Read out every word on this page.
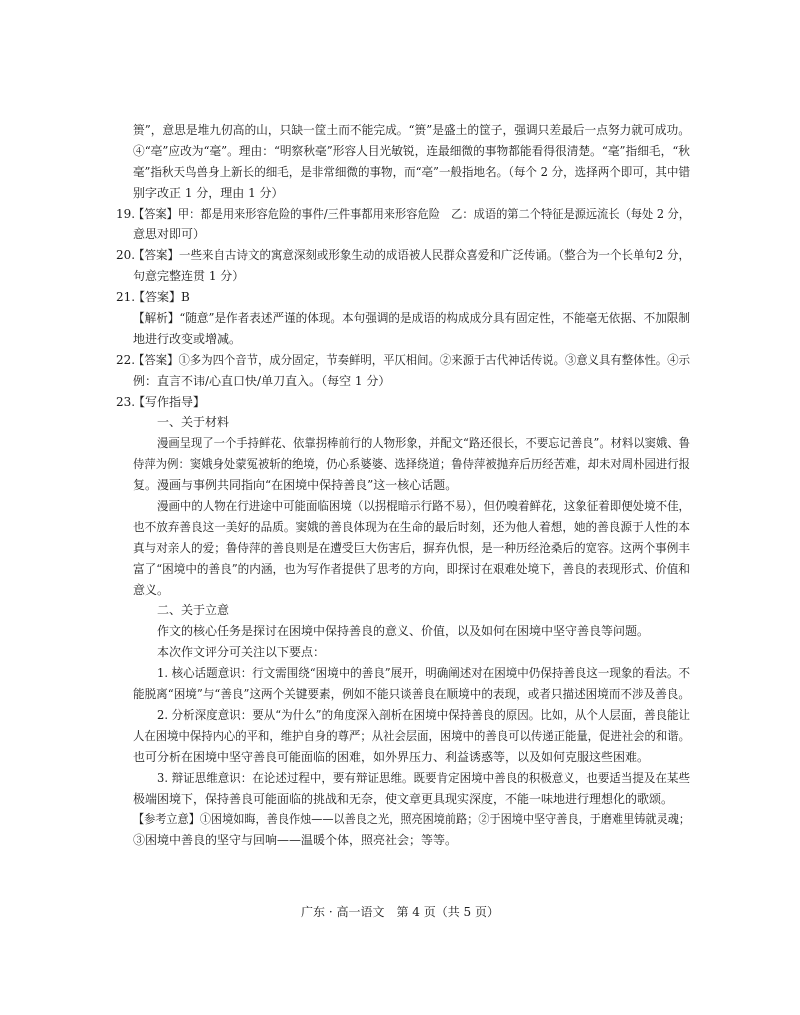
篑”，意思是堆九仞高的山，只缺一筐土而不能完成。“篑”是盛土的筐子，强调只差最后一点努力就可成功。
④“亳”应改为“毫”。理由：“明察秋毫”形容人目光敏锐，连最细微的事物都能看得很清楚。“毫”指细毛，“秋
毫”指秋天鸟兽身上新长的细毛，是非常细微的事物，而“亳”一般指地名。（每个 2 分，选择两个即可，其中错
别字改正 1 分，理由 1 分）
19.
【答案】甲：都是用来形容危险的事件/三件事都用来形容危险　乙：成语的第二个特征是源远流长（每处 2 分，
意思对即可）
20.
【答案】一些来自古诗文的寓意深刻或形象生动的成语被人民群众喜爱和广泛传诵。（整合为一个长单句2 分，
句意完整连贯 1 分）
21.
【答案】B
【解析】“随意”是作者表述严谨的体现。本句强调的是成语的构成成分具有固定性，不能毫无依据、不加限制
地进行改变或增减。
22.
【答案】①多为四个音节，成分固定，节奏鲜明，平仄相间。②来源于古代神话传说。③意义具有整体性。④示
例：直言不讳/心直口快/单刀直入。（每空 1 分）
23.
【写作指导】
一、关于材料
漫画呈现了一个手持鲜花、依靠拐棒前行的人物形象，并配文“路还很长，不要忘记善良”。材料以窦娥、鲁
侍萍为例：窦娥身处蒙冤被斩的绝境，仍心系婆婆、选择绕道；鲁侍萍被抛弃后历经苦难，却未对周朴园进行报
复。漫画与事例共同指向“在困境中保持善良”这一核心话题。
漫画中的人物在行进途中可能面临困境（以拐棍暗示行路不易），但仍嗅着鲜花，这象征着即便处境不佳，
也不放弃善良这一美好的品质。窦娥的善良体现为在生命的最后时刻，还为他人着想，她的善良源于人性的本
真与对亲人的爱；鲁侍萍的善良则是在遭受巨大伤害后，摒弃仇恨，是一种历经沧桑后的宽容。这两个事例丰
富了“困境中的善良”的内涵，也为写作者提供了思考的方向，即探讨在艰难处境下，善良的表现形式、价值和
意义。
二、关于立意
作文的核心任务是探讨在困境中保持善良的意义、价值，以及如何在困境中坚守善良等问题。
本次作文评分可关注以下要点：
1. 核心话题意识：行文需围绕“困境中的善良”展开，明确阐述对在困境中仍保持善良这一现象的看法。不
能脱离“困境”与“善良”这两个关键要素，例如不能只谈善良在顺境中的表现，或者只描述困境而不涉及善良。
2. 分析深度意识：要从“为什么”的角度深入剖析在困境中保持善良的原因。比如，从个人层面，善良能让
人在困境中保持内心的平和，维护自身的尊严；从社会层面，困境中的善良可以传递正能量，促进社会的和谐。
也可分析在困境中坚守善良可能面临的困难，如外界压力、利益诱惑等，以及如何克服这些困难。
3. 辩证思维意识：在论述过程中，要有辩证思维。既要肯定困境中善良的积极意义，也要适当提及在某些
极端困境下，保持善良可能面临的挑战和无奈，使文章更具现实深度，不能一味地进行理想化的歌颂。
【参考立意】①困境如晦，善良作烛——以善良之光，照亮困境前路；②于困境中坚守善良，于磨难里铸就灵魂；
③困境中善良的坚守与回响——温暖个体，照亮社会；等等。
广东 · 高一语文　第 4 页（共 5 页）
